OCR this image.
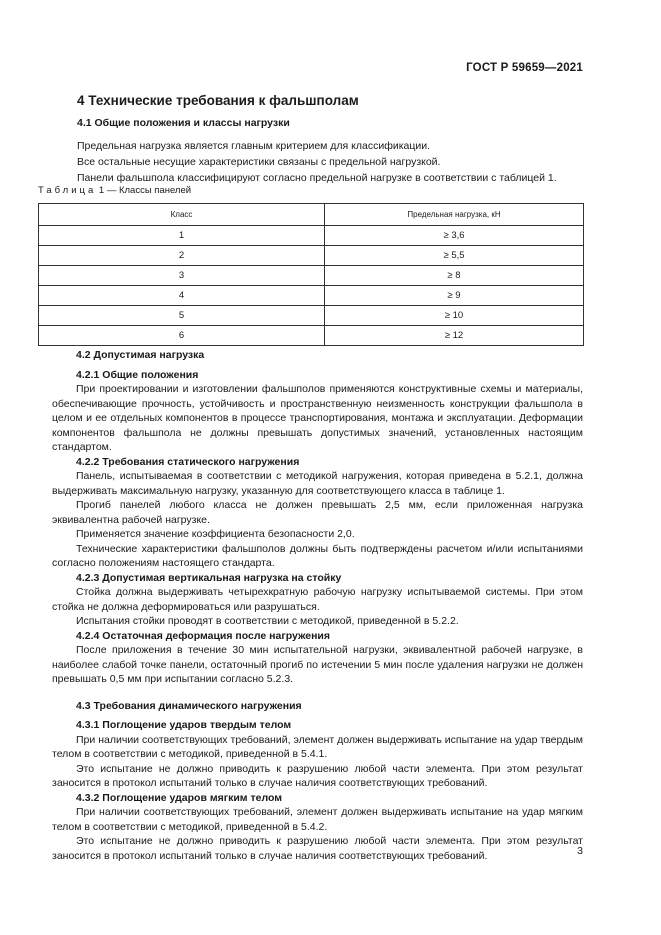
ГОСТ Р 59659—2021
4 Технические требования к фальшполам
4.1 Общие положения и классы нагрузки

Предельная нагрузка является главным критерием для классификации.

Все остальные несущие характеристики связаны с предельной нагрузкой.

Панели фальшпола классифицируют согласно предельной нагрузке в соответствии с таблицей 1.

Таблица 1 — Классы панелей
Класс	Предельная нагрузка, кН
1	≥ 3,6
2	≥ 5,5
3	≥ 8
4	≥ 9
5	≥ 10
6	≥ 12

4.2 Допустимая нагрузка

4.2.1 Общие положения

При проектировании и изготовлении фальшполов применяются конструктивные схемы и материалы, обеспечивающие прочность, устойчивость и пространственную неизменность конструкции фальшпола в целом и ее отдельных компонентов в процессе транспортирования, монтажа и эксплуатации. Деформации компонентов фальшпола не должны превышать допустимых значений, установленных настоящим стандартом.

4.2.2 Требования статического нагружения

Панель, испытываемая в соответствии с методикой нагружения, которая приведена в 5.2.1, должна выдерживать максимальную нагрузку, указанную для соответствующего класса в таблице 1.

Прогиб панелей любого класса не должен превышать 2,5 мм, если приложенная нагрузка эквивалентна рабочей нагрузке.

Применяется значение коэффициента безопасности 2,0.

Технические характеристики фальшполов должны быть подтверждены расчетом и/или испытаниями согласно положениям настоящего стандарта.

4.2.3 Допустимая вертикальная нагрузка на стойку

Стойка должна выдерживать четырехкратную рабочую нагрузку испытываемой системы. При этом стойка не должна деформироваться или разрушаться.

Испытания стойки проводят в соответствии с методикой, приведенной в 5.2.2.

4.2.4 Остаточная деформация после нагружения

После приложения в течение 30 мин испытательной нагрузки, эквивалентной рабочей нагрузке, в наиболее слабой точке панели, остаточный прогиб по истечении 5 мин после удаления нагрузки не должен превышать 0,5 мм при испытании согласно 5.2.3.

4.3 Требования динамического нагружения

4.3.1 Поглощение ударов твердым телом

При наличии соответствующих требований, элемент должен выдерживать испытание на удар твердым телом в соответствии с методикой, приведенной в 5.4.1.

Это испытание не должно приводить к разрушению любой части элемента. При этом результат заносится в протокол испытаний только в случае наличия соответствующих требований.

4.3.2 Поглощение ударов мягким телом

При наличии соответствующих требований, элемент должен выдерживать испытание на удар мягким телом в соответствии с методикой, приведенной в 5.4.2.

Это испытание не должно приводить к разрушению любой части элемента. При этом результат заносится в протокол испытаний только в случае наличия соответствующих требований.	3
